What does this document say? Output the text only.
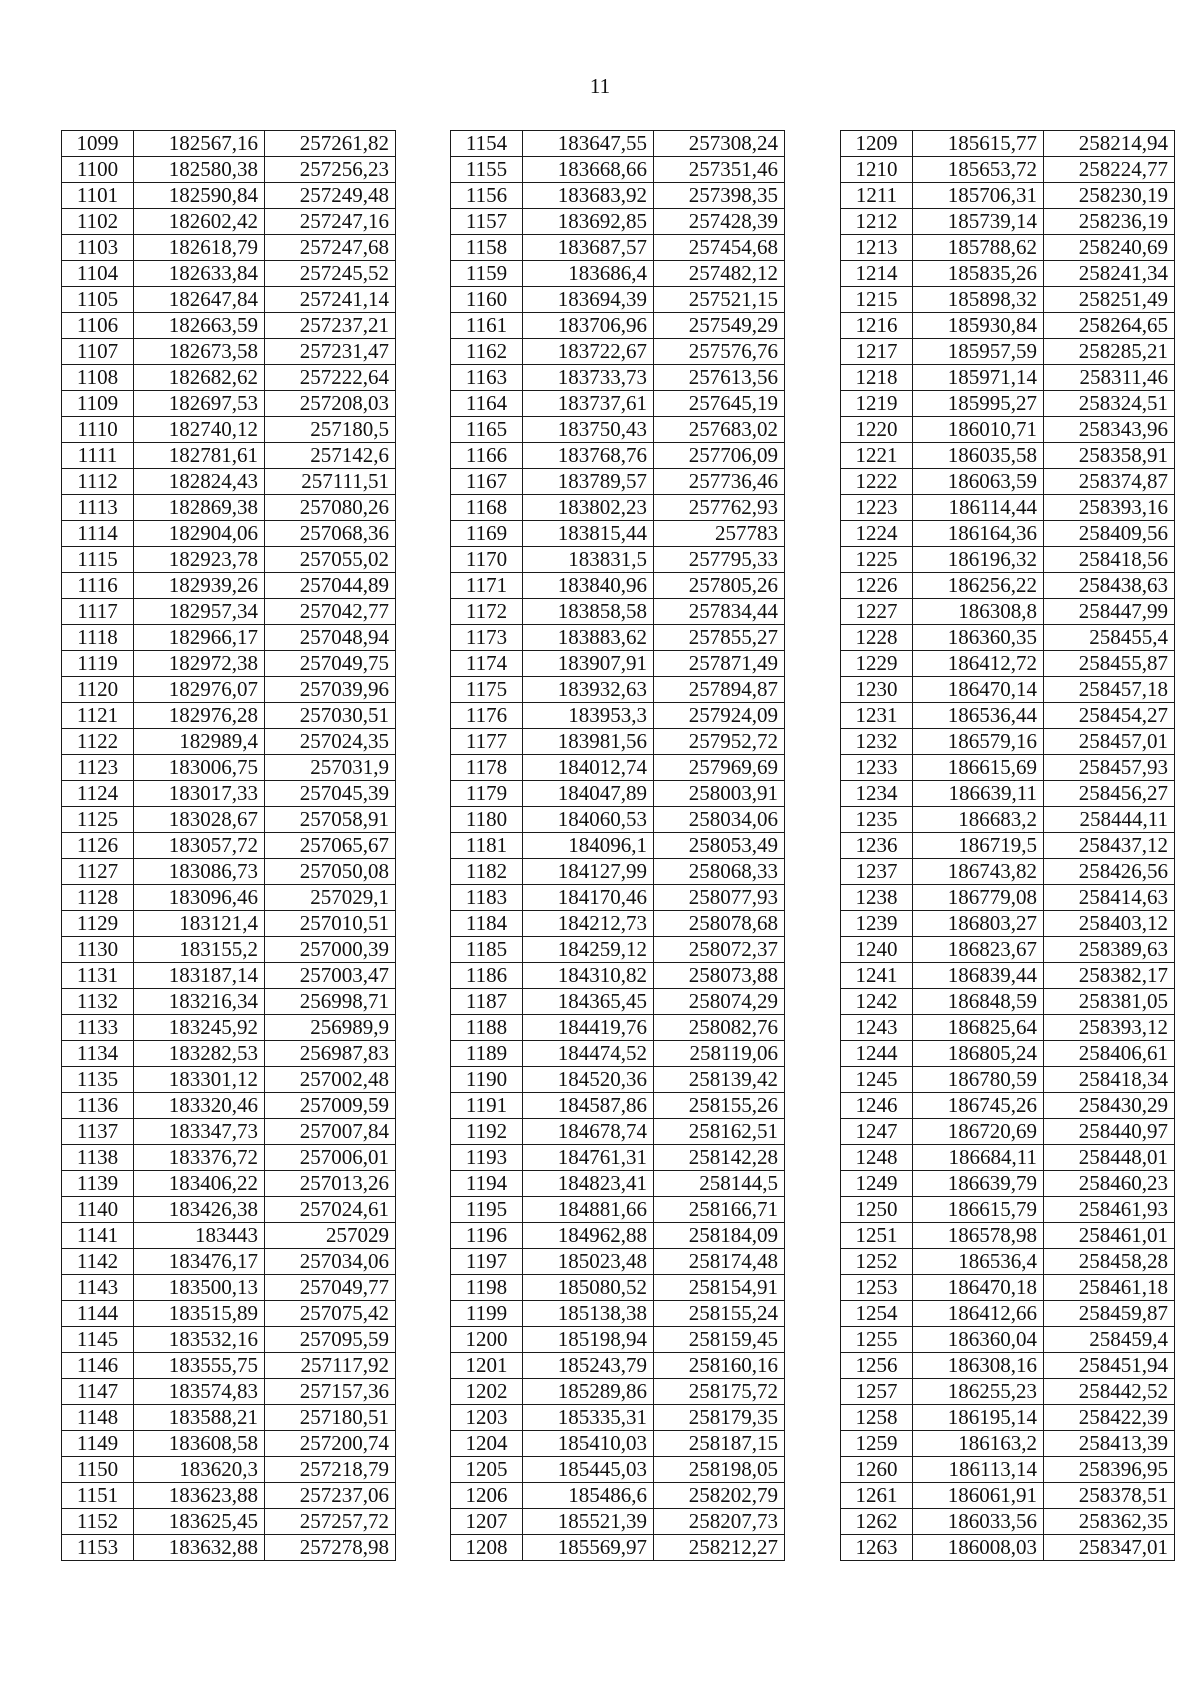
11
1099	182567,16	257261,82
1100	182580,38	257256,23
1101	182590,84	257249,48
1102	182602,42	257247,16
1103	182618,79	257247,68
1104	182633,84	257245,52
1105	182647,84	257241,14
1106	182663,59	257237,21
1107	182673,58	257231,47
1108	182682,62	257222,64
1109	182697,53	257208,03
1110	182740,12	257180,5
1111	182781,61	257142,6
1112	182824,43	257111,51
1113	182869,38	257080,26
1114	182904,06	257068,36
1115	182923,78	257055,02
1116	182939,26	257044,89
1117	182957,34	257042,77
1118	182966,17	257048,94
1119	182972,38	257049,75
1120	182976,07	257039,96
1121	182976,28	257030,51
1122	182989,4	257024,35
1123	183006,75	257031,9
1124	183017,33	257045,39
1125	183028,67	257058,91
1126	183057,72	257065,67
1127	183086,73	257050,08
1128	183096,46	257029,1
1129	183121,4	257010,51
1130	183155,2	257000,39
1131	183187,14	257003,47
1132	183216,34	256998,71
1133	183245,92	256989,9
1134	183282,53	256987,83
1135	183301,12	257002,48
1136	183320,46	257009,59
1137	183347,73	257007,84
1138	183376,72	257006,01
1139	183406,22	257013,26
1140	183426,38	257024,61
1141	183443	257029
1142	183476,17	257034,06
1143	183500,13	257049,77
1144	183515,89	257075,42
1145	183532,16	257095,59
1146	183555,75	257117,92
1147	183574,83	257157,36
1148	183588,21	257180,51
1149	183608,58	257200,74
1150	183620,3	257218,79
1151	183623,88	257237,06
1152	183625,45	257257,72
1153	183632,88	257278,98
1154	183647,55	257308,24
1155	183668,66	257351,46
1156	183683,92	257398,35
1157	183692,85	257428,39
1158	183687,57	257454,68
1159	183686,4	257482,12
1160	183694,39	257521,15
1161	183706,96	257549,29
1162	183722,67	257576,76
1163	183733,73	257613,56
1164	183737,61	257645,19
1165	183750,43	257683,02
1166	183768,76	257706,09
1167	183789,57	257736,46
1168	183802,23	257762,93
1169	183815,44	257783
1170	183831,5	257795,33
1171	183840,96	257805,26
1172	183858,58	257834,44
1173	183883,62	257855,27
1174	183907,91	257871,49
1175	183932,63	257894,87
1176	183953,3	257924,09
1177	183981,56	257952,72
1178	184012,74	257969,69
1179	184047,89	258003,91
1180	184060,53	258034,06
1181	184096,1	258053,49
1182	184127,99	258068,33
1183	184170,46	258077,93
1184	184212,73	258078,68
1185	184259,12	258072,37
1186	184310,82	258073,88
1187	184365,45	258074,29
1188	184419,76	258082,76
1189	184474,52	258119,06
1190	184520,36	258139,42
1191	184587,86	258155,26
1192	184678,74	258162,51
1193	184761,31	258142,28
1194	184823,41	258144,5
1195	184881,66	258166,71
1196	184962,88	258184,09
1197	185023,48	258174,48
1198	185080,52	258154,91
1199	185138,38	258155,24
1200	185198,94	258159,45
1201	185243,79	258160,16
1202	185289,86	258175,72
1203	185335,31	258179,35
1204	185410,03	258187,15
1205	185445,03	258198,05
1206	185486,6	258202,79
1207	185521,39	258207,73
1208	185569,97	258212,27
1209	185615,77	258214,94
1210	185653,72	258224,77
1211	185706,31	258230,19
1212	185739,14	258236,19
1213	185788,62	258240,69
1214	185835,26	258241,34
1215	185898,32	258251,49
1216	185930,84	258264,65
1217	185957,59	258285,21
1218	185971,14	258311,46
1219	185995,27	258324,51
1220	186010,71	258343,96
1221	186035,58	258358,91
1222	186063,59	258374,87
1223	186114,44	258393,16
1224	186164,36	258409,56
1225	186196,32	258418,56
1226	186256,22	258438,63
1227	186308,8	258447,99
1228	186360,35	258455,4
1229	186412,72	258455,87
1230	186470,14	258457,18
1231	186536,44	258454,27
1232	186579,16	258457,01
1233	186615,69	258457,93
1234	186639,11	258456,27
1235	186683,2	258444,11
1236	186719,5	258437,12
1237	186743,82	258426,56
1238	186779,08	258414,63
1239	186803,27	258403,12
1240	186823,67	258389,63
1241	186839,44	258382,17
1242	186848,59	258381,05
1243	186825,64	258393,12
1244	186805,24	258406,61
1245	186780,59	258418,34
1246	186745,26	258430,29
1247	186720,69	258440,97
1248	186684,11	258448,01
1249	186639,79	258460,23
1250	186615,79	258461,93
1251	186578,98	258461,01
1252	186536,4	258458,28
1253	186470,18	258461,18
1254	186412,66	258459,87
1255	186360,04	258459,4
1256	186308,16	258451,94
1257	186255,23	258442,52
1258	186195,14	258422,39
1259	186163,2	258413,39
1260	186113,14	258396,95
1261	186061,91	258378,51
1262	186033,56	258362,35
1263	186008,03	258347,01
